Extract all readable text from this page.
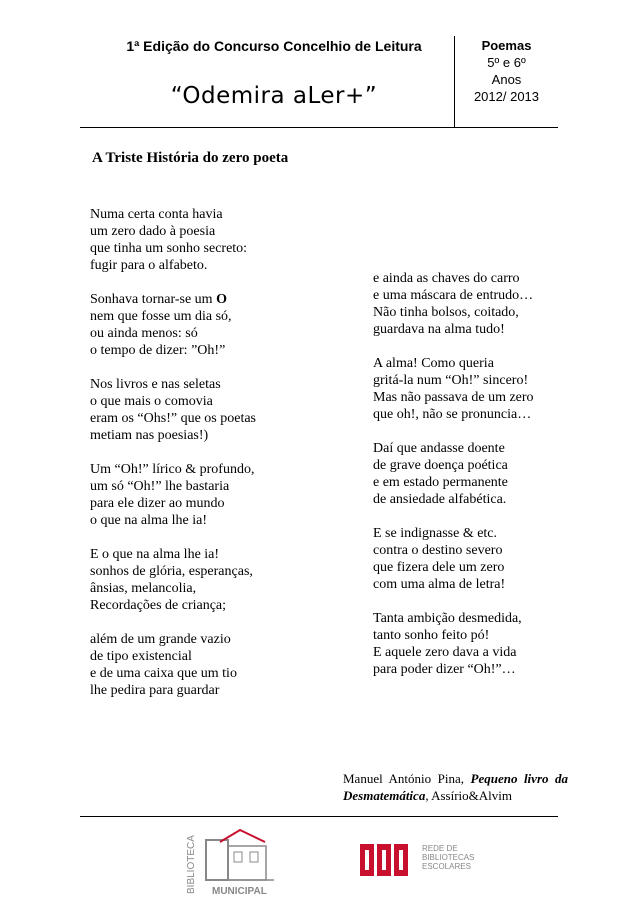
1ª Edição do Concurso Concelhio de Leitura
“Odemira aLer+”
Poemas
5º e 6º
Anos
2012/ 2013
A Triste História do zero poeta
Numa certa conta havia
um zero dado à poesia
que tinha um sonho secreto:
fugir para o alfabeto.
Sonhava tornar-se um O
nem que fosse um dia só,
ou ainda menos: só
o tempo de dizer: ”Oh!”
Nos livros e nas seletas
o que mais o comovia
eram os “Ohs!” que os poetas
metiam nas poesias!)
Um “Oh!” lírico & profundo,
um só “Oh!” lhe bastaria
para ele dizer ao mundo
o que na alma lhe ia!
E o que na alma lhe ia!
sonhos de glória, esperanças,
ânsias, melancolia,
Recordações de criança;
além de um grande vazio
de tipo existencial
e de uma caixa que um tio
lhe pedira para guardar
e ainda as chaves do carro
e uma máscara de entrudo…
Não tinha bolsos, coitado,
guardava na alma tudo!
A alma! Como queria
gritá-la num “Oh!” sincero!
Mas não passava de um zero
que oh!, não se pronuncia…
Daí que andasse doente
de grave doença poética
e em estado permanente
de ansiedade alfabética.
E se indignasse & etc.
contra o destino severo
que fizera dele um zero
com uma alma de letra!
Tanta ambição desmedida,
tanto sonho feito pó!
E aquele zero dava a vida
para poder dizer “Oh!”…
Manuel António Pina, Pequeno livro da Desmatemática, Assírio&Alvim
BIBLIOTECA MUNICIPAL
REDE DE
BIBLIOTECAS
ESCOLARES
